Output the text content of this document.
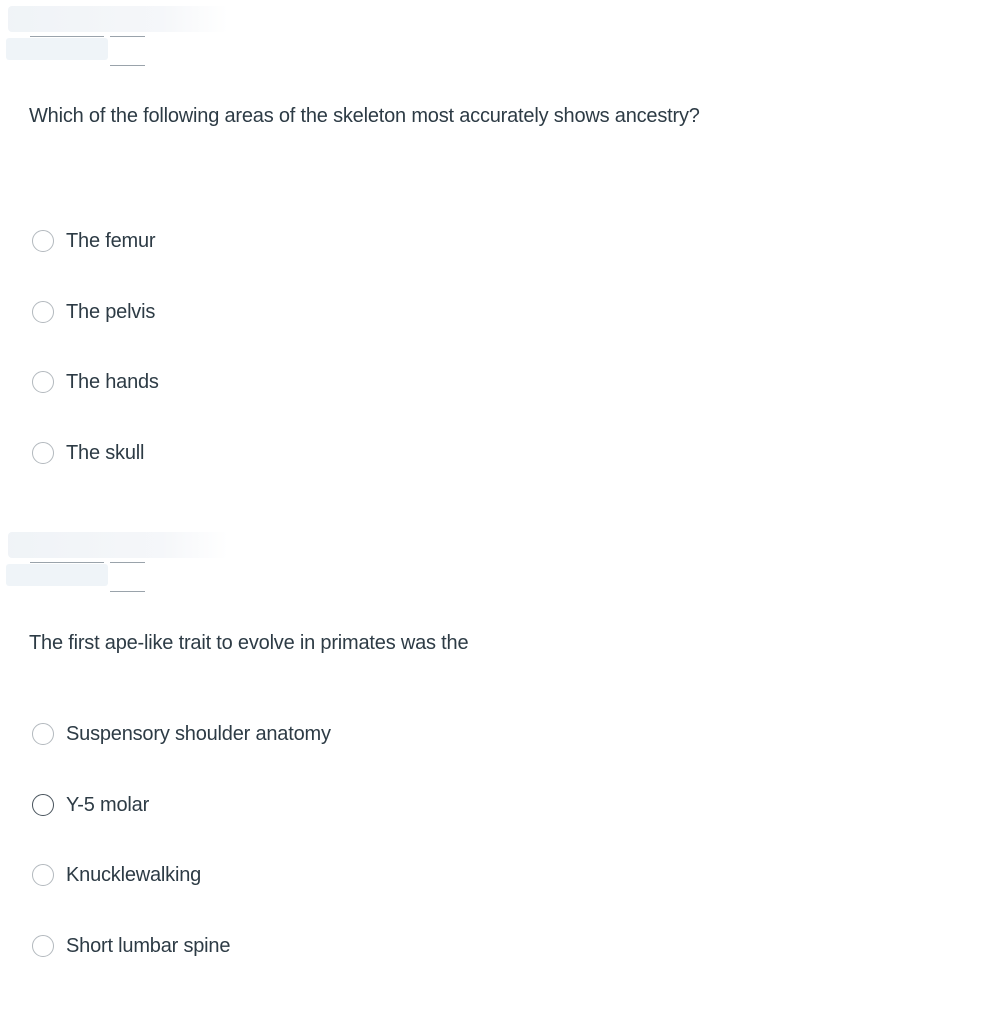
Which of the following areas of the skeleton most accurately shows ancestry?
The femur
The pelvis
The hands
The skull
The first ape-like trait to evolve in primates was the
Suspensory shoulder anatomy
Y-5 molar
Knucklewalking
Short lumbar spine
